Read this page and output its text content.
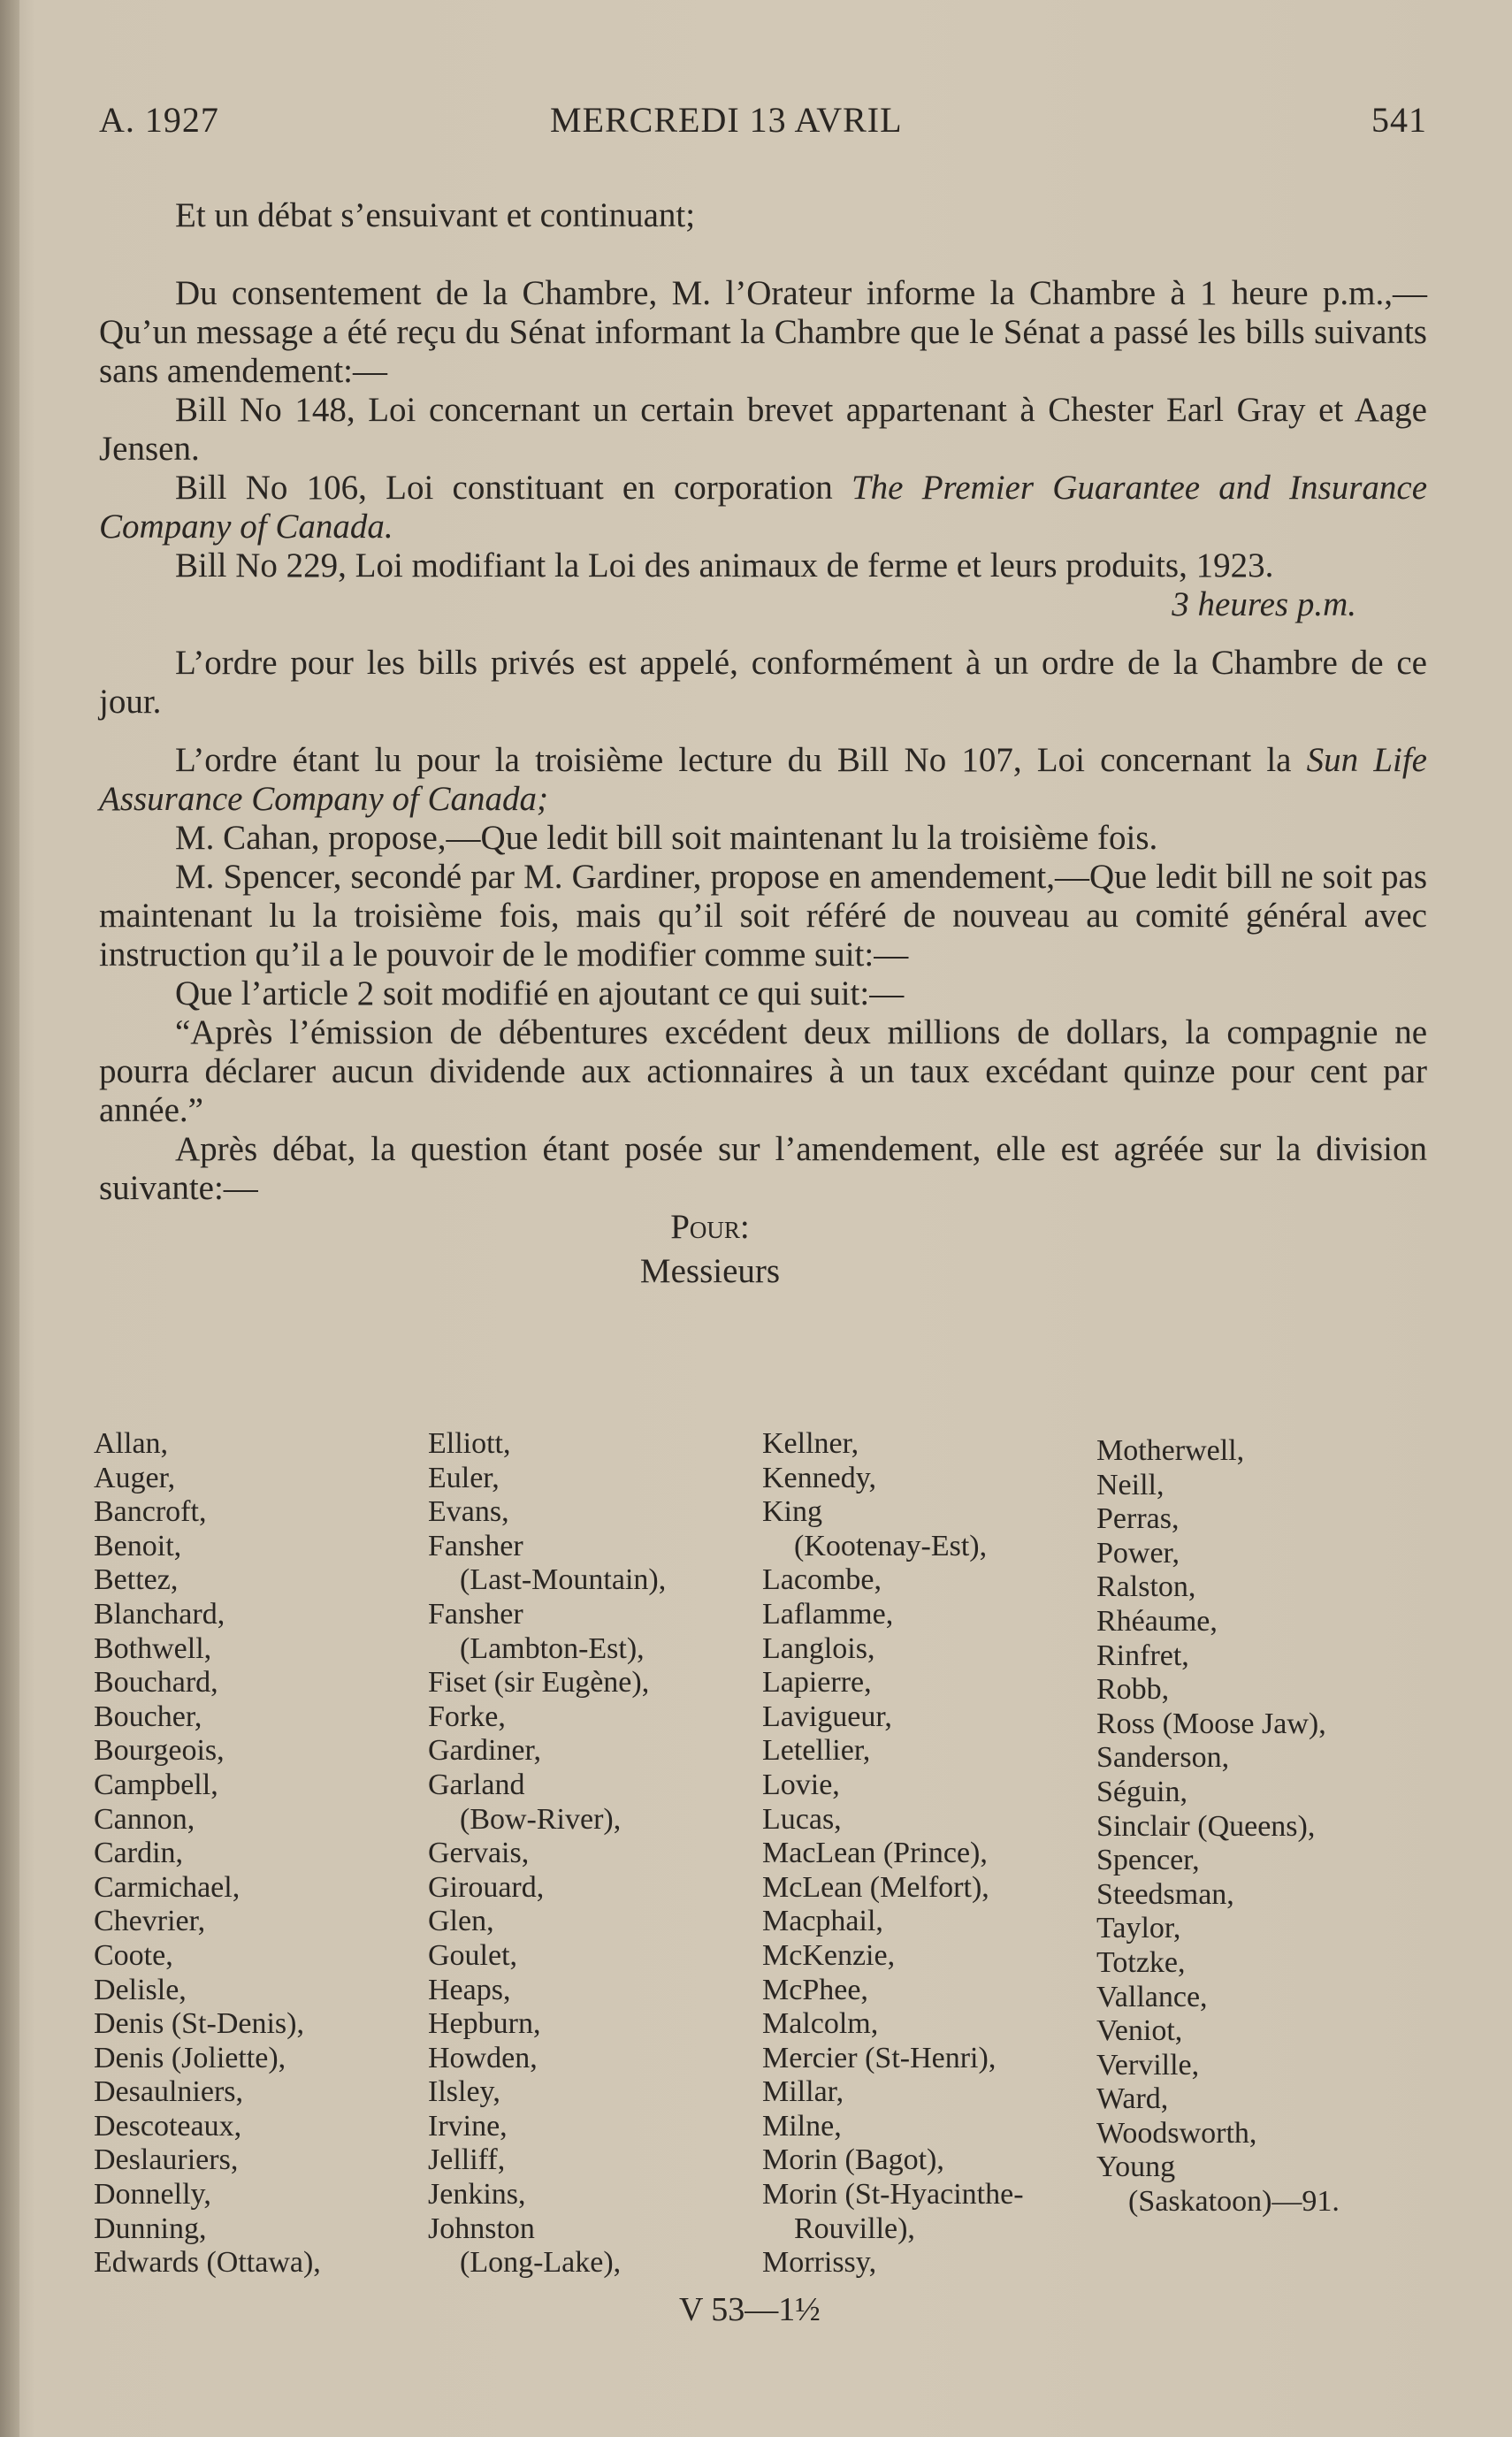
A. 1927	MERCREDI 13 AVRIL	541

Et un débat s’ensuivant et continuant;

Du consentement de la Chambre, M. l’Orateur informe la Chambre à 1 heure p.m.,—Qu’un message a été reçu du Sénat informant la Chambre que le Sénat a passé les bills suivants sans amendement:—

Bill No 148, Loi concernant un certain brevet appartenant à Chester Earl Gray et Aage Jensen.

Bill No 106, Loi constituant en corporation The Premier Guarantee and Insurance Company of Canada.

Bill No 229, Loi modifiant la Loi des animaux de ferme et leurs produits, 1923.

3 heures p.m.

L’ordre pour les bills privés est appelé, conformément à un ordre de la Chambre de ce jour.

L’ordre étant lu pour la troisième lecture du Bill No 107, Loi concernant la Sun Life Assurance Company of Canada;

M. Cahan, propose,—Que ledit bill soit maintenant lu la troisième fois.

M. Spencer, secondé par M. Gardiner, propose en amendement,—Que ledit bill ne soit pas maintenant lu la troisième fois, mais qu’il soit référé de nouveau au comité général avec instruction qu’il a le pouvoir de le modifier comme suit:—

Que l’article 2 soit modifié en ajoutant ce qui suit:—

“Après l’émission de débentures excédent deux millions de dollars, la compagnie ne pourra déclarer aucun dividende aux actionnaires à un taux excédant quinze pour cent par année.”

Après débat, la question étant posée sur l’amendement, elle est agréée sur la division suivante:—

Pour:

Messieurs

Allan,
Auger,
Bancroft,
Benoit,
Bettez,
Blanchard,
Bothwell,
Bouchard,
Boucher,
Bourgeois,
Campbell,
Cannon,
Cardin,
Carmichael,
Chevrier,
Coote,
Delisle,
Denis (St-Denis),
Denis (Joliette),
Desaulniers,
Descoteaux,
Deslauriers,
Donnelly,
Dunning,
Edwards (Ottawa),
Elliott,
Euler,
Evans,
Fansher
(Last-Mountain),
Fansher
(Lambton-Est),
Fiset (sir Eugène),
Forke,
Gardiner,
Garland
(Bow-River),
Gervais,
Girouard,
Glen,
Goulet,
Heaps,
Hepburn,
Howden,
Ilsley,
Irvine,
Jelliff,
Jenkins,
Johnston
(Long-Lake),
Kellner,
Kennedy,
King
(Kootenay-Est),
Lacombe,
Laflamme,
Langlois,
Lapierre,
Lavigueur,
Letellier,
Lovie,
Lucas,
MacLean (Prince),
McLean (Melfort),
Macphail,
McKenzie,
McPhee,
Malcolm,
Mercier (St-Henri),
Millar,
Milne,
Morin (Bagot),
Morin (St-Hyacinthe-
Rouville),
Morrissy,
Motherwell,
Neill,
Perras,
Power,
Ralston,
Rhéaume,
Rinfret,
Robb,
Ross (Moose Jaw),
Sanderson,
Séguin,
Sinclair (Queens),
Spencer,
Steedsman,
Taylor,
Totzke,
Vallance,
Veniot,
Verville,
Ward,
Woodsworth,
Young
(Saskatoon)—91.
V 53—1½
